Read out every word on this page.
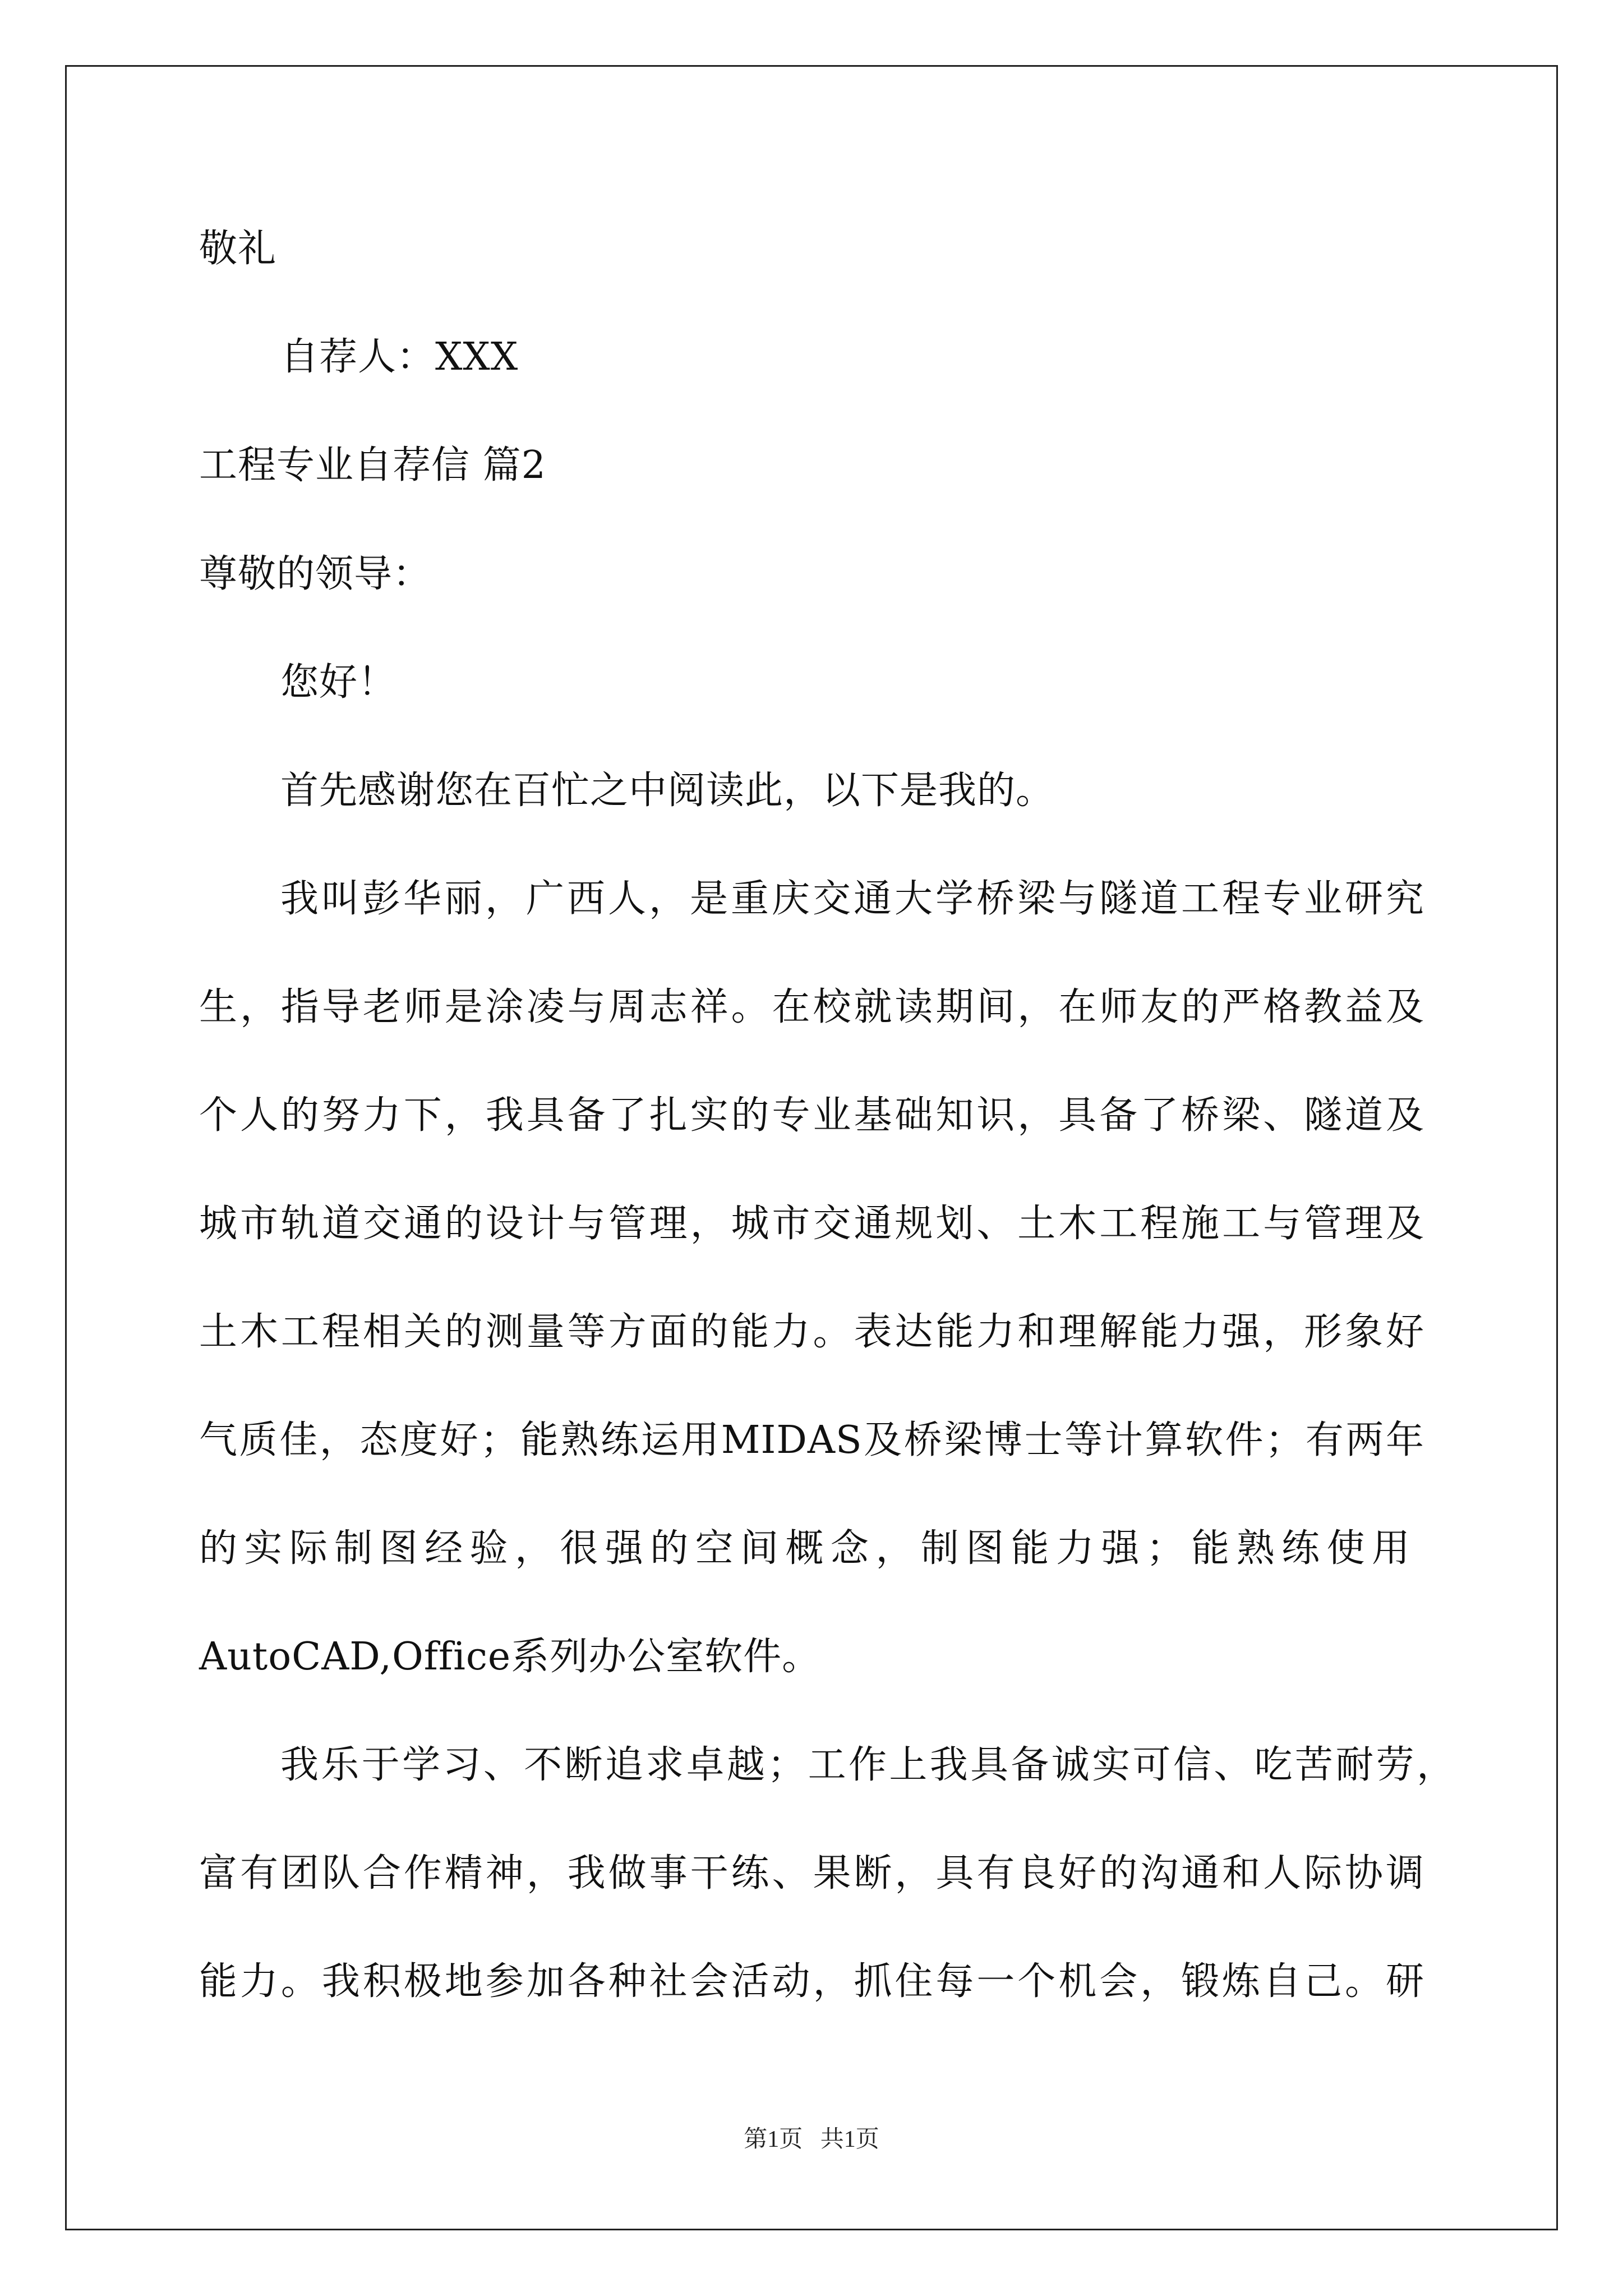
敬礼
自荐人：XXX
工程专业自荐信 篇2
尊敬的领导：
您好！
首先感谢您在百忙之中阅读此，以下是我的。
我叫彭华丽，广西人，是重庆交通大学桥梁与隧道工程专业研究
生，指导老师是涂凌与周志祥。在校就读期间，在师友的严格教益及
个人的努力下，我具备了扎实的专业基础知识，具备了桥梁、隧道及
城市轨道交通的设计与管理，城市交通规划、土木工程施工与管理及
土木工程相关的测量等方面的能力。表达能力和理解能力强，形象好
气质佳，态度好；能熟练运用MIDAS及桥梁博士等计算软件；有两年
的实际制图经验，很强的空间概念，制图能力强；能熟练使用
AutoCAD,Office系列办公室软件。
我乐于学习、不断追求卓越；工作上我具备诚实可信、吃苦耐劳，
富有团队合作精神，我做事干练、果断，具有良好的沟通和人际协调
能力。我积极地参加各种社会活动，抓住每一个机会，锻炼自己。研
第1页   共1页
